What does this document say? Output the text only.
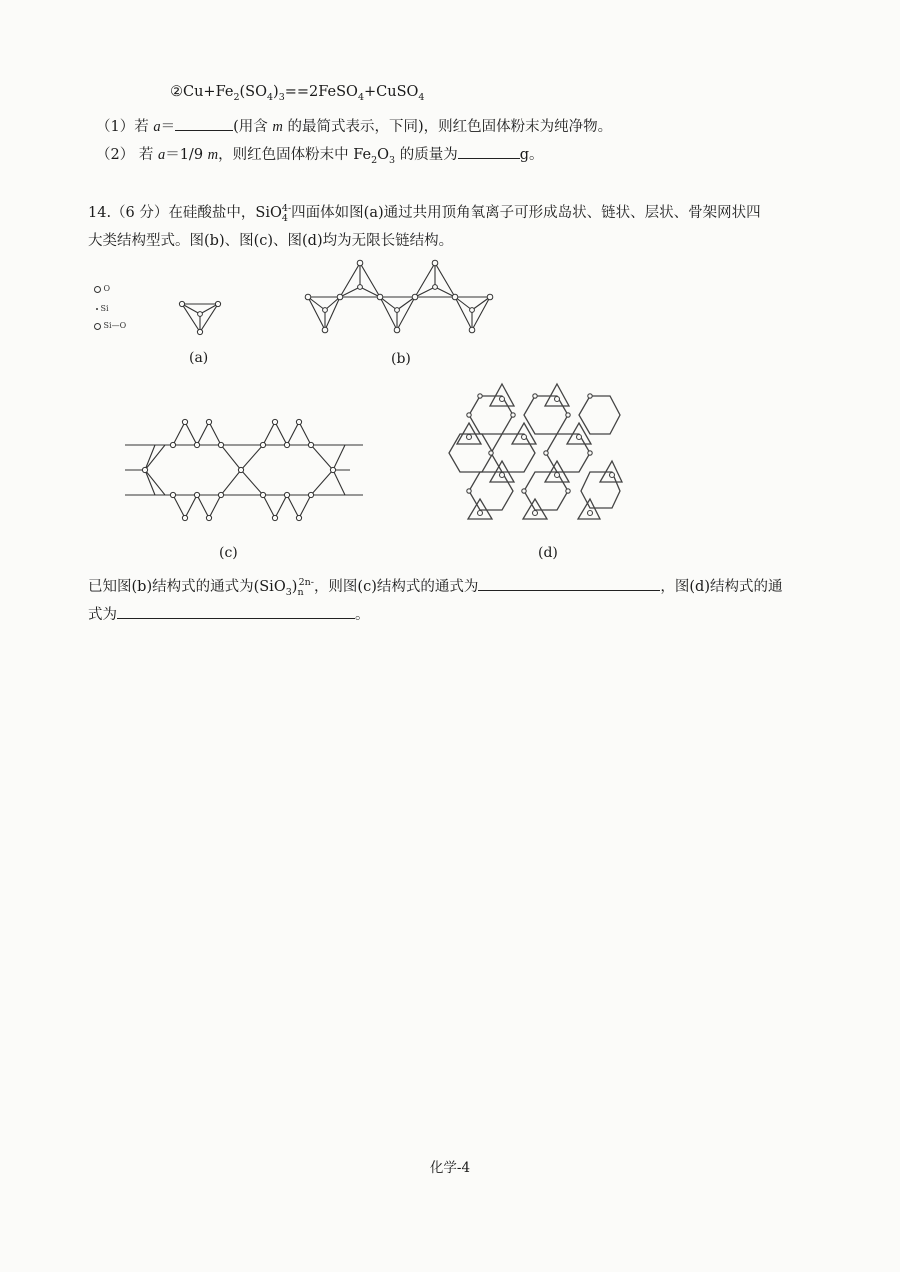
$②Cu+Fe_2(SO_4)_3==2FeSO_4+CuSO_4$
（1）若 a＝	(用含 m 的最简式表示，下同)，则红色固体粉末为纯净物。
（2） 若 a＝1/9 m，则红色固体粉末中 $Fe_2O_3$ 的质量为	g。
14.（6 分）在硅酸盐中，SiO$_4^{4-}$四面体如图(a)通过共用顶角氧离子可形成岛状、链状、层状、骨架网状四
大类结构型式。图(b)、图(c)、图(d)均为无限长链结构。
O
Si
Si—O
(a)	(b)
(c)	(d)
已知图(b)结构式的通式为$(SiO_3)_n^{2n-}$，则图(c)结构式的通式为	，图(d)结构式的通
式为	。
化学-4
